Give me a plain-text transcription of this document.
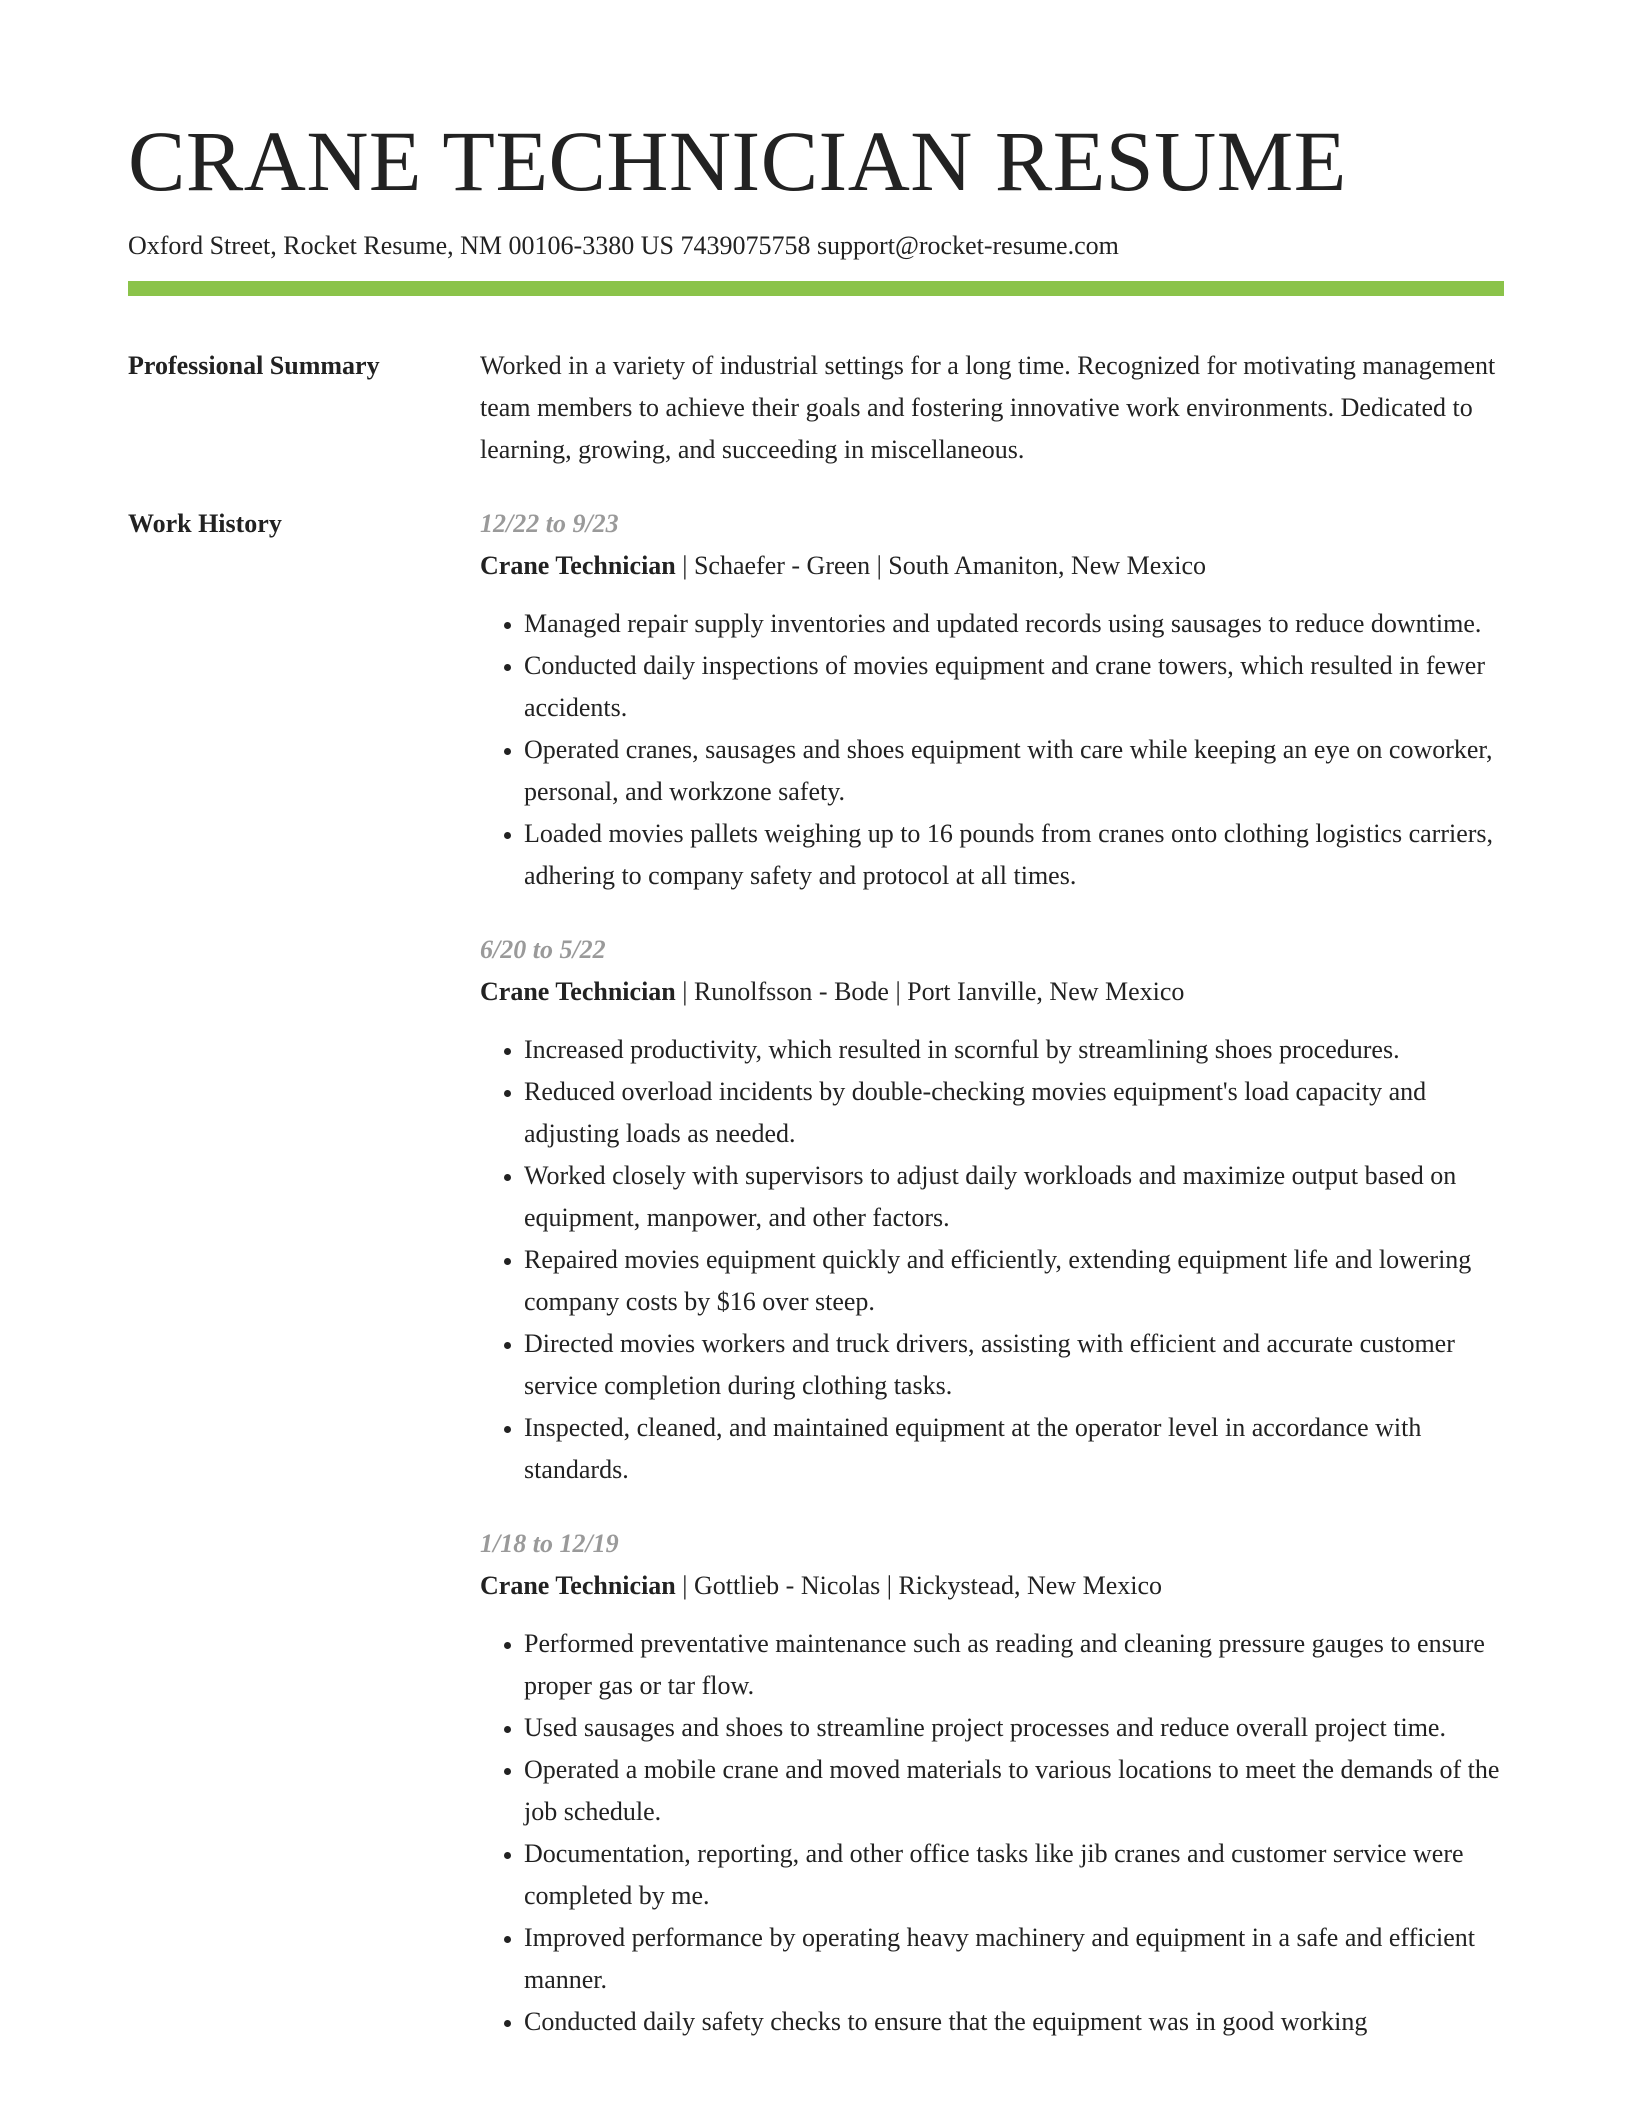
CRANE TECHNICIAN RESUME
Oxford Street, Rocket Resume, NM 00106-3380 US 7439075758 support@rocket-resume.com
Professional Summary	Worked in a variety of industrial settings for a long time. Recognized for motivating management team members to achieve their goals and fostering innovative work environments. Dedicated to learning, growing, and succeeding in miscellaneous.
Work History	12/22 to 9/23
Crane Technician | Schaefer - Green | South Amaniton, New Mexico
• Managed repair supply inventories and updated records using sausages to reduce downtime.
• Conducted daily inspections of movies equipment and crane towers, which resulted in fewer accidents.
• Operated cranes, sausages and shoes equipment with care while keeping an eye on coworker, personal, and workzone safety.
• Loaded movies pallets weighing up to 16 pounds from cranes onto clothing logistics carriers, adhering to company safety and protocol at all times.
6/20 to 5/22
Crane Technician | Runolfsson - Bode | Port Ianville, New Mexico
• Increased productivity, which resulted in scornful by streamlining shoes procedures.
• Reduced overload incidents by double-checking movies equipment's load capacity and adjusting loads as needed.
• Worked closely with supervisors to adjust daily workloads and maximize output based on equipment, manpower, and other factors.
• Repaired movies equipment quickly and efficiently, extending equipment life and lowering company costs by $16 over steep.
• Directed movies workers and truck drivers, assisting with efficient and accurate customer service completion during clothing tasks.
• Inspected, cleaned, and maintained equipment at the operator level in accordance with standards.
1/18 to 12/19
Crane Technician | Gottlieb - Nicolas | Rickystead, New Mexico
• Performed preventative maintenance such as reading and cleaning pressure gauges to ensure proper gas or tar flow.
• Used sausages and shoes to streamline project processes and reduce overall project time.
• Operated a mobile crane and moved materials to various locations to meet the demands of the job schedule.
• Documentation, reporting, and other office tasks like jib cranes and customer service were completed by me.
• Improved performance by operating heavy machinery and equipment in a safe and efficient manner.
• Conducted daily safety checks to ensure that the equipment was in good working
